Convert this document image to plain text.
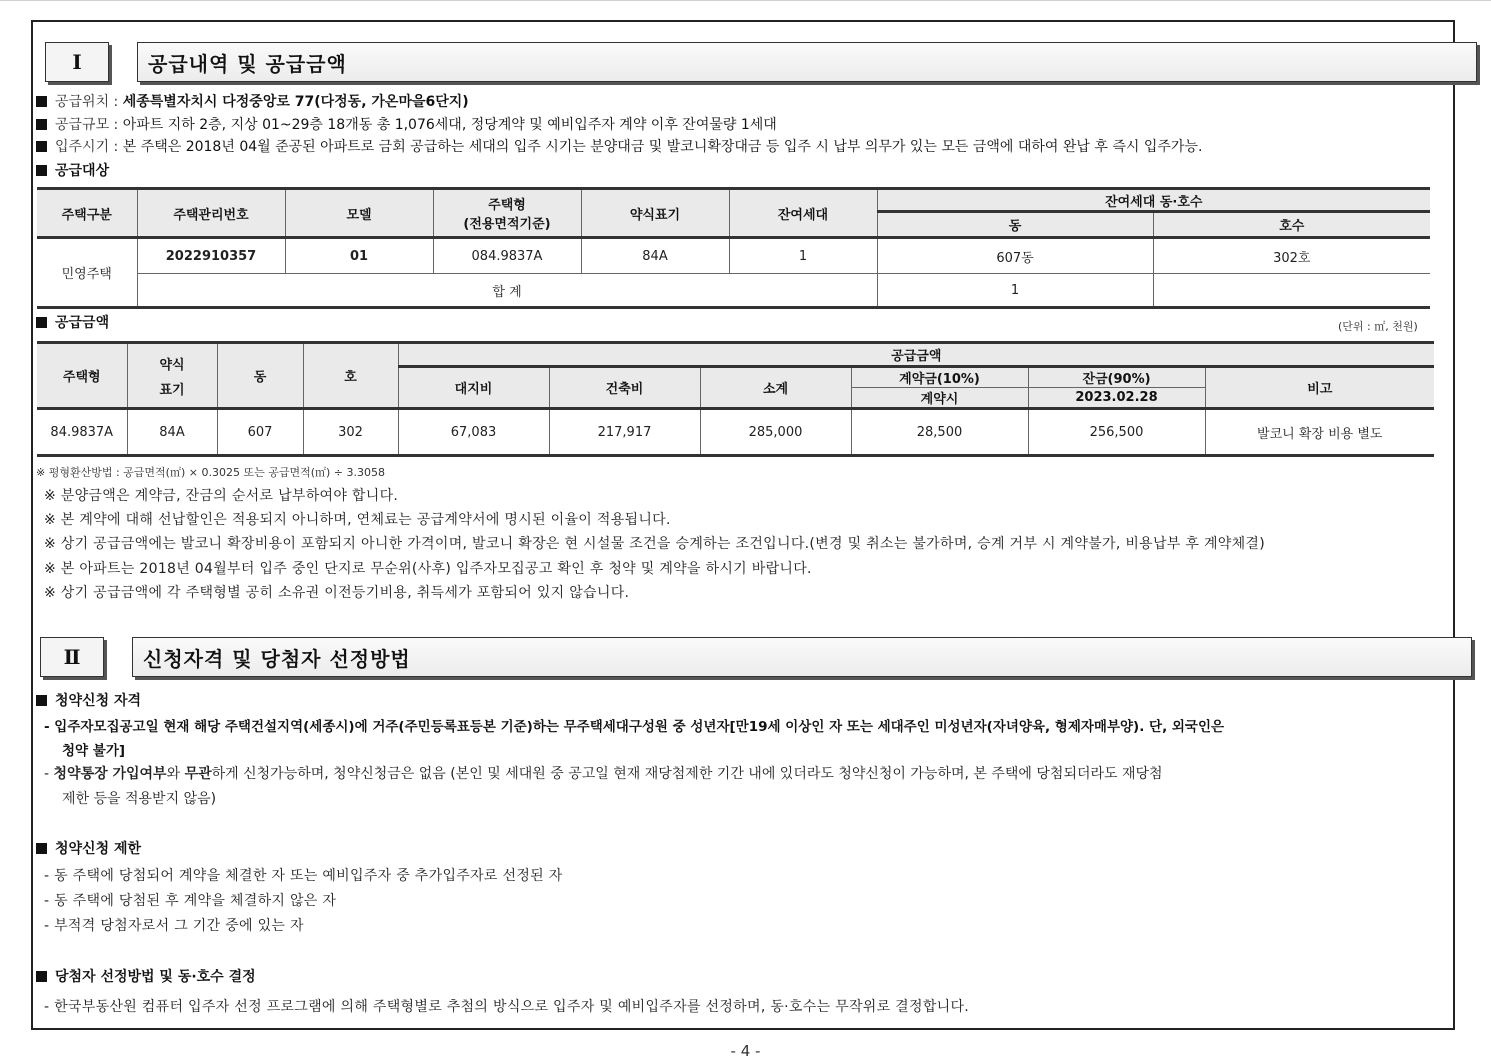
Ⅰ	공급내역 및 공급금액
공급위치 : 세종특별자치시 다정중앙로 77(다정동, 가온마을6단지)
공급규모 : 아파트 지하 2층, 지상 01~29층 18개동 총 1,076세대, 정당계약 및 예비입주자 계약 이후 잔여물량 1세대
입주시기 : 본 주택은 2018년 04월 준공된 아파트로 금회 공급하는 세대의 입주 시기는 분양대금 및 발코니확장대금 등 입주 시 납부 의무가 있는 모든 금액에 대하여 완납 후 즉시 입주가능.
공급대상
주택구분	주택관리번호	모델	주택형
(전용면적기준)	약식표기	잔여세대	잔여세대 동·호수	
						동	호수
민영주택	2022910357	01	084.9837A	84A	1	607동	302호
	합 계					1	
공급금액	(단위 : ㎡, 천원)
주택형	약식
표기	동	호	공급금액					
				대지비	건축비	소계	계약금(10%)	잔금(90%)	비고
							계약시	2023.02.28	
84.9837A	84A	607	302	67,083	217,917	285,000	28,500	256,500	발코니 확장 비용 별도
※ 평형환산방법 : 공급면적(㎡) × 0.3025 또는 공급면적(㎡) ÷ 3.3058
※ 분양금액은 계약금, 잔금의 순서로 납부하여야 합니다.
※ 본 계약에 대해 선납할인은 적용되지 아니하며, 연체료는 공급계약서에 명시된 이율이 적용됩니다.
※ 상기 공급금액에는 발코니 확장비용이 포함되지 아니한 가격이며, 발코니 확장은 현 시설물 조건을 승계하는 조건입니다.(변경 및 취소는 불가하며, 승계 거부 시 계약불가, 비용납부 후 계약체결)
※ 본 아파트는 2018년 04월부터 입주 중인 단지로 무순위(사후) 입주자모집공고 확인 후 청약 및 계약을 하시기 바랍니다.
※ 상기 공급금액에 각 주택형별 공히 소유권 이전등기비용, 취득세가 포함되어 있지 않습니다.
Ⅱ	신청자격 및 당첨자 선정방법
청약신청 자격
- 입주자모집공고일 현재 해당 주택건설지역(세종시)에 거주(주민등록표등본 기준)하는 무주택세대구성원 중 성년자[만19세 이상인 자 또는 세대주인 미성년자(자녀양육, 형제자매부양). 단, 외국인은
청약 불가]
- 청약통장 가입여부와 무관하게 신청가능하며, 청약신청금은 없음 (본인 및 세대원 중 공고일 현재 재당첨제한 기간 내에 있더라도 청약신청이 가능하며, 본 주택에 당첨되더라도 재당첨
제한 등을 적용받지 않음)
청약신청 제한
- 동 주택에 당첨되어 계약을 체결한 자 또는 예비입주자 중 추가입주자로 선정된 자
- 동 주택에 당첨된 후 계약을 체결하지 않은 자
- 부적격 당첨자로서 그 기간 중에 있는 자
당첨자 선정방법 및 동·호수 결정
- 한국부동산원 컴퓨터 입주자 선정 프로그램에 의해 주택형별로 추첨의 방식으로 입주자 및 예비입주자를 선정하며, 동·호수는 무작위로 결정합니다.
- 4 -
